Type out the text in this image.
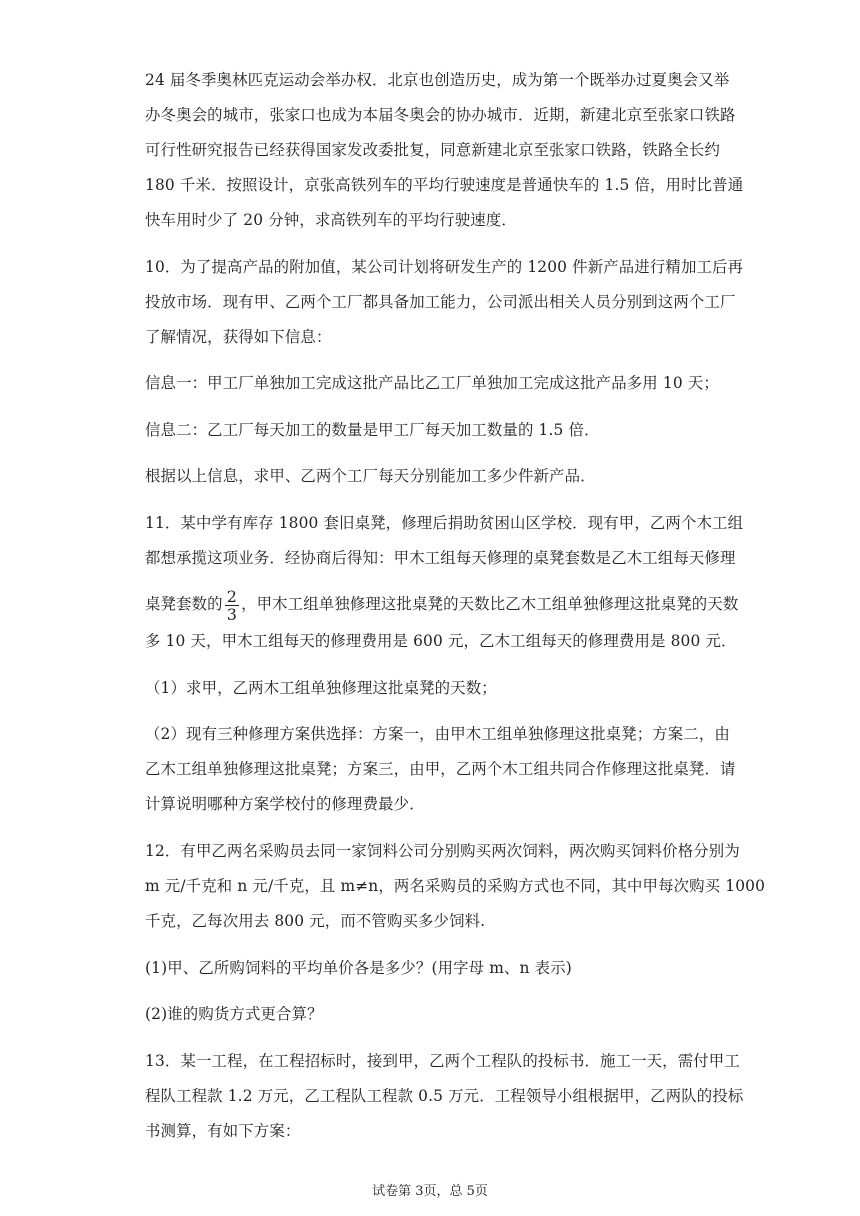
24 届冬季奥林匹克运动会举办权．北京也创造历史，成为第一个既举办过夏奥会又举
办冬奥会的城市，张家口也成为本届冬奥会的协办城市．近期，新建北京至张家口铁路
可行性研究报告已经获得国家发改委批复，同意新建北京至张家口铁路，铁路全长约
180 千米．按照设计，京张高铁列车的平均行驶速度是普通快车的 1.5 倍，用时比普通
快车用时少了 20 分钟，求高铁列车的平均行驶速度．
10．为了提高产品的附加值，某公司计划将研发生产的 1200 件新产品进行精加工后再
投放市场．现有甲、乙两个工厂都具备加工能力，公司派出相关人员分别到这两个工厂
了解情况，获得如下信息：
信息一：甲工厂单独加工完成这批产品比乙工厂单独加工完成这批产品多用 10 天；
信息二：乙工厂每天加工的数量是甲工厂每天加工数量的 1.5 倍．
根据以上信息，求甲、乙两个工厂每天分别能加工多少件新产品．
11．某中学有库存 1800 套旧桌凳，修理后捐助贫困山区学校．现有甲，乙两个木工组
都想承揽这项业务．经协商后得知：甲木工组每天修理的桌凳套数是乙木工组每天修理
桌凳套数的 $\frac{2}{3}$ ，甲木工组单独修理这批桌凳的天数比乙木工组单独修理这批桌凳的天数
多 10 天，甲木工组每天的修理费用是 600 元，乙木工组每天的修理费用是 800 元．
（1）求甲，乙两木工组单独修理这批桌凳的天数；
（2）现有三种修理方案供选择：方案一，由甲木工组单独修理这批桌凳；方案二，由
乙木工组单独修理这批桌凳；方案三，由甲，乙两个木工组共同合作修理这批桌凳．请
计算说明哪种方案学校付的修理费最少．
12．有甲乙两名采购员去同一家饲料公司分别购买两次饲料，两次购买饲料价格分别为
m 元/千克和 n 元/千克，且 m≠n，两名采购员的采购方式也不同，其中甲每次购买 1000
千克，乙每次用去 800 元，而不管购买多少饲料.
(1)甲、乙所购饲料的平均单价各是多少？(用字母 m、n 表示)
(2)谁的购货方式更合算？
13．某一工程，在工程招标时，接到甲，乙两个工程队的投标书．施工一天，需付甲工
程队工程款 1.2 万元，乙工程队工程款 0.5 万元．工程领导小组根据甲，乙两队的投标
书测算，有如下方案：
试卷第 3页，总 5页
